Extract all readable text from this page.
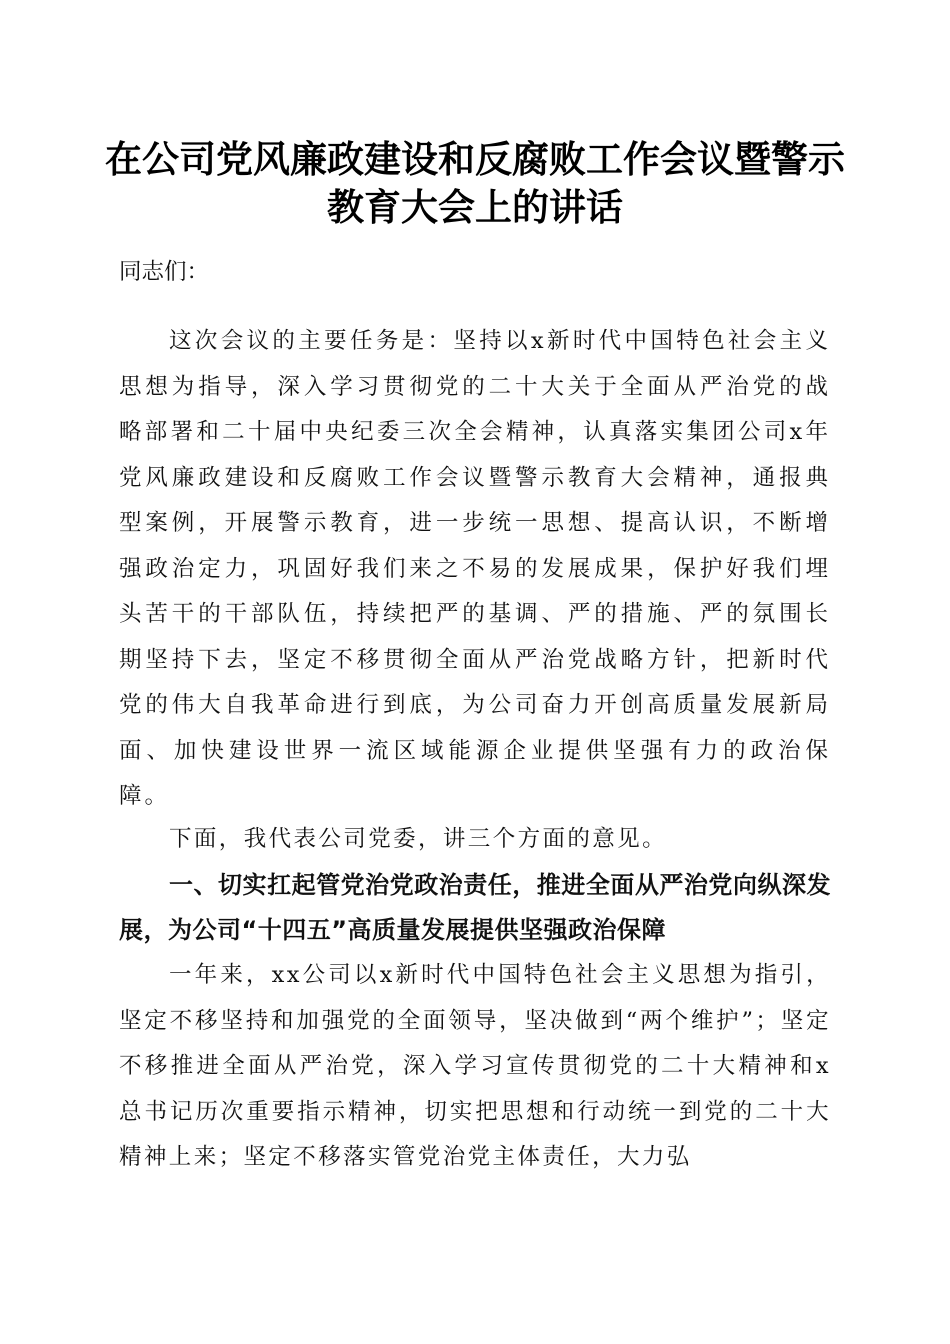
在公司党风廉政建设和反腐败工作会议暨警示
教育大会上的讲话

同志们：

这次会议的主要任务是：坚持以x新时代中国特色社会主义思想为指导，深入学习贯彻党的二十大关于全面从严治党的战略部署和二十届中央纪委三次全会精神，认真落实集团公司x年党风廉政建设和反腐败工作会议暨警示教育大会精神，通报典型案例，开展警示教育，进一步统一思想、提高认识，不断增强政治定力，巩固好我们来之不易的发展成果，保护好我们埋头苦干的干部队伍，持续把严的基调、严的措施、严的氛围长期坚持下去，坚定不移贯彻全面从严治党战略方针，把新时代党的伟大自我革命进行到底，为公司奋力开创高质量发展新局面、加快建设世界一流区域能源企业提供坚强有力的政治保障。

下面，我代表公司党委，讲三个方面的意见。

一、切实扛起管党治党政治责任，推进全面从严治党向纵深发展，为公司“十四五”高质量发展提供坚强政治保障

一年来，xx公司以x新时代中国特色社会主义思想为指引，坚定不移坚持和加强党的全面领导，坚决做到“两个维护”；坚定不移推进全面从严治党，深入学习宣传贯彻党的二十大精神和x总书记历次重要指示精神，切实把思想和行动统一到党的二十大精神上来；坚定不移落实管党治党主体责任，大力弘
